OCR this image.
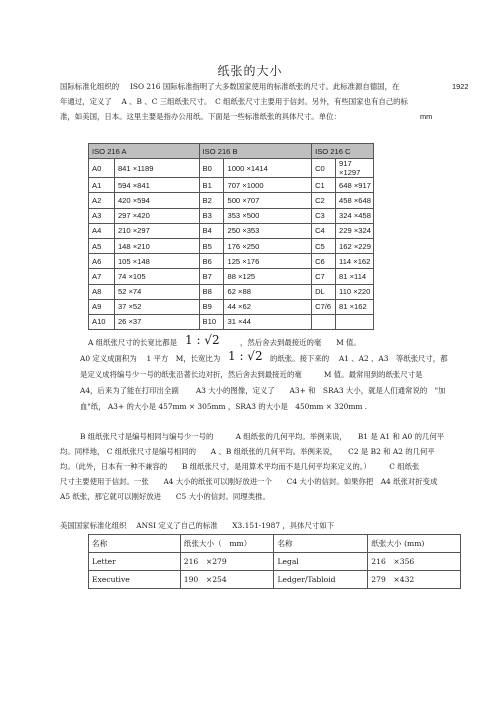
纸张的大小
国际标准化组织的 ISO 216 国际标准指明了大多数国家使用的标准纸张的尺寸。此标准源自德国，在	1922
年通过，定义了　 A 、B 、C 三组纸张尺寸。　C 组纸张尺寸主要用于信封。另外，有些国家也有自己的标
准，如美国，日本。这里主要是指办公用纸。下面是一些标准纸张的具体尺寸。单位：	mm
ISO 216 A		ISO 216 B		ISO 216 C	
A0	841 ×1189	B0	1000 ×1414	C0	917 ×1297
A1	594 ×841	B1	707 ×1000	C1	648 ×917
A2	420 ×594	B2	500 ×707	C2	458 ×648
A3	297 ×420	B3	353 ×500	C3	324 ×458
A4	210 ×297	B4	250 ×353	C4	229 ×324
A5	148 ×210	B5	176 ×250	C5	162 ×229
A6	105 ×148	B6	125 ×176	C6	114 ×162
A7	74 ×105	B7	88 ×125	C7	81 ×114
A8	52 ×74	B8	62 ×88	DL	110 ×220
A9	37 ×52	B9	44 ×62	C7/6	81 ×162
A10	26 ×37	B10	31 ×44		
A 组纸张尺寸的长宽比都是 1 : √2	，然后舍去到最接近的毫　　M 值。
A0 定义成面积为　 1 平方　M，长宽比为 1 : √2 的纸张。接下来的　 A1 、A2 、A3　等纸张尺寸，都
是定义成将编号少一号的纸张沿著长边对折，然后舍去到最接近的毫　　　M 值。最常用到的纸张尺寸是
A4，后来为了能在打印出全副　　 A3 大小的图像，定义了　　A3+ 和　SRA3 大小，就是人们通常说的　"加
血"纸， A3+ 的大小是 457mm × 305mm ，SRA3 的大小是　450mm × 320mm .
B 组纸张尺寸是编号相同与编号少一号的　　　A 组纸张的几何平均。举例来说，　　B1 是 A1 和 A0 的几何平
均。同样地， C 组纸张尺寸是编号相同的　　A 、B 组纸张的几何平均。举例来说，　　C2 是 B2 和 A2 的几何平
均。（此外，日本有一种不兼容的　　B 组纸张尺寸，是用算术平均而不是几何平均来定义的。）　　　C 组纸张
尺寸主要使用于信封。一张　　A4 大小的纸张可以刚好放进一个　　C4 大小的信封。如果你把　A4 纸张对折变成
A5 纸张，那它就可以刚好放进　　C5 大小的信封。同理类推。
美国国家标准化组织　 ANSI 定义了自己的标准　　X3.151-1987 ，具体尺寸如下
名称	纸张大小（　mm）	名称	纸张大小 (mm)
Letter	216　×279	Legal	216　×356
Executive	190　×254	Ledger/Tabloid	279　×432
